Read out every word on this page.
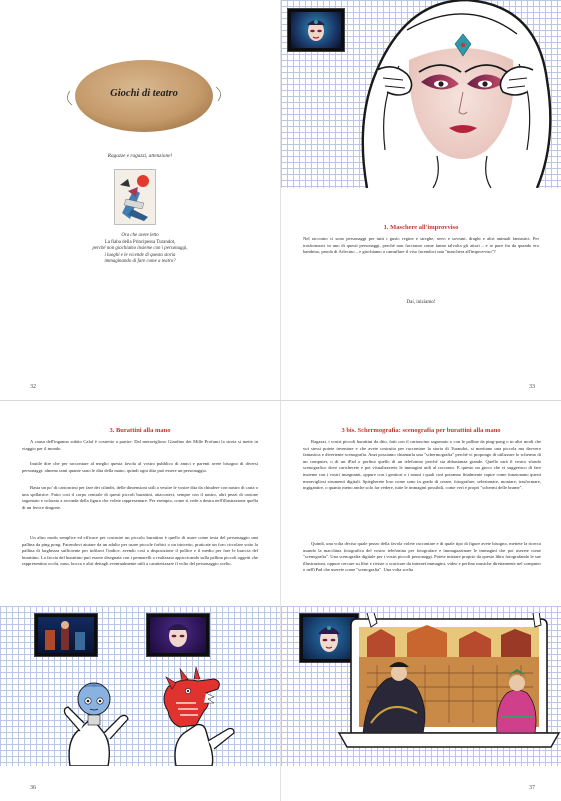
Giochi di teatro
Ragazze e ragazzi, attenzione!
Ora che avete letto
La fiaba della Principessa Turandot,
perché non giochiamo insieme con i personaggi,
i luoghi e le vicende di questa storia
immaginando di fare come a teatro?
32
1. Maschere all'improvviso
Nel racconto ci sono personaggi per tutti i gusti: regine e streghe, servi e sovrani, draghi e altri animali fantastici. Per trasformarci in uno di questi personaggi, perché non facciamo come fanno talvolta gli attori – e io pure fin da quando ero bambino, parola di Arlecino – e giochiamo a camuffare il viso facendoci una "maschera all'improvviso"?
Dai, iniziamo!
33
3. Burattini alla mano
A causa dell'inganno subito Calaf è costretto a partire. Dal meraviglioso Giardino dei Mille Profumi la storia si mette in viaggio per il mondo.
Inutile dire che per raccontare al meglio questa favola al vostro pubblico di amici e parenti avete bisogno di diversi personaggi: almeno tanti quante sono le dita della mano, quindi ogni dito può essere un personaggio.
Basta un po' di cartoncino per fare dei cilindri, delle dimensioni utili a vestire le vostre dita da chiudere con nastro di carta o una spillatrice. Fatto così il corpo centrale di questi piccoli burattini, attaccateci, sempre con il nastro, altri pezzi di cartone sagomato e colorato a seconda della figura che volete rappresentare. Per esempio, come si vede a destra nell'illustrazione quella di un feroce dragone.
Un altro modo semplice ed efficace per costruire un piccolo burattino è quello di usare come testa del personaggio una pallina da ping pong. Facendovi aiutare da un adulto per usare piccole forbici o un trincetto, praticate un foro circolare sotto la pallina di larghezza sufficiente per infilarci l'indice, avendo così a disposizione il pollice e il medio per fare le braccia del burattino. La faccia del burattino può essere disegnata con i pennarelli o realizzata appiccicando sulla pallina piccoli oggetti che rappresentino occhi, naso, bocca e altri dettagli eventualmente utili a caratterizzare il volto del personaggio scelto.
36
3 bis. Schermografia: scenografia per burattini alla mano
Ragazzi, i vostri piccoli burattini da dito, fatti con il cartoncino sagomato o con le palline da ping-pong o in altri modi che voi stessi potete inventare e che avete costruito per raccontare la storia di Turandot, si meritano una piccola ma davvero fantastica e divertente scenografia. Anzi possiamo chiamarla una "schermografia" perché vi propongo di utilizzare lo schermo di un computer, o di un iPad o perfino quello di un telefonino perché sia abbastanza grande. Quello sarà il vostro sfondo scenografico dove caricherete e poi visualizzerete le immagini utili al racconto. E questo un gioco che vi suggerisco di fare insieme con i vostri insegnanti, oppure con i genitori o i nonni i quali così potranno finalmente capire come funzionano questi meravigliosi strumenti digitali. Spiegherete loro come sono in grado di creare, fotografare, selezionare, montare, trasformare, ingigantire, o quanto meno anche solo far vedere, tutte le immagini possibili, come veri e propri "schermi delle brame".
Quindi, una volta deciso quale pezzo della favola volete raccontare e di quale tipo di figure avete bisogno, mettete la ricerca usando la macchina fotografica del vostro telefonino per fotografare e immagazzinare le immagini che poi userete come "scenografia". Una scenografia digitale per i vostri piccoli personaggi. Potete iniziare proprio da questo libro fotografando le sue illustrazioni, oppure cercare su libri e riviste o scaricare da internet immagini, video e perfino musiche direttamente nel computer o nell'iPad che userete come "scenografia". Una volta scelta
37
